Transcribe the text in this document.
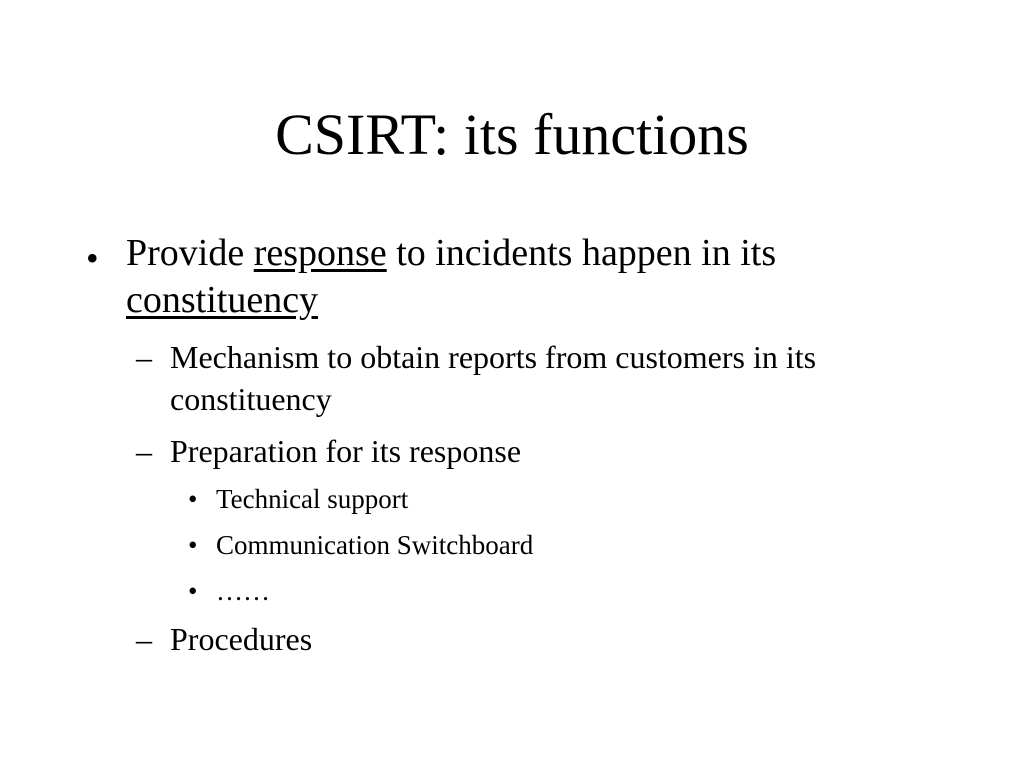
CSIRT: its functions
• Provide response to incidents happen in its
constituency
– Mechanism to obtain reports from customers in its constituency
– Preparation for its response
• Technical support
• Communication Switchboard
• ……
– Procedures
